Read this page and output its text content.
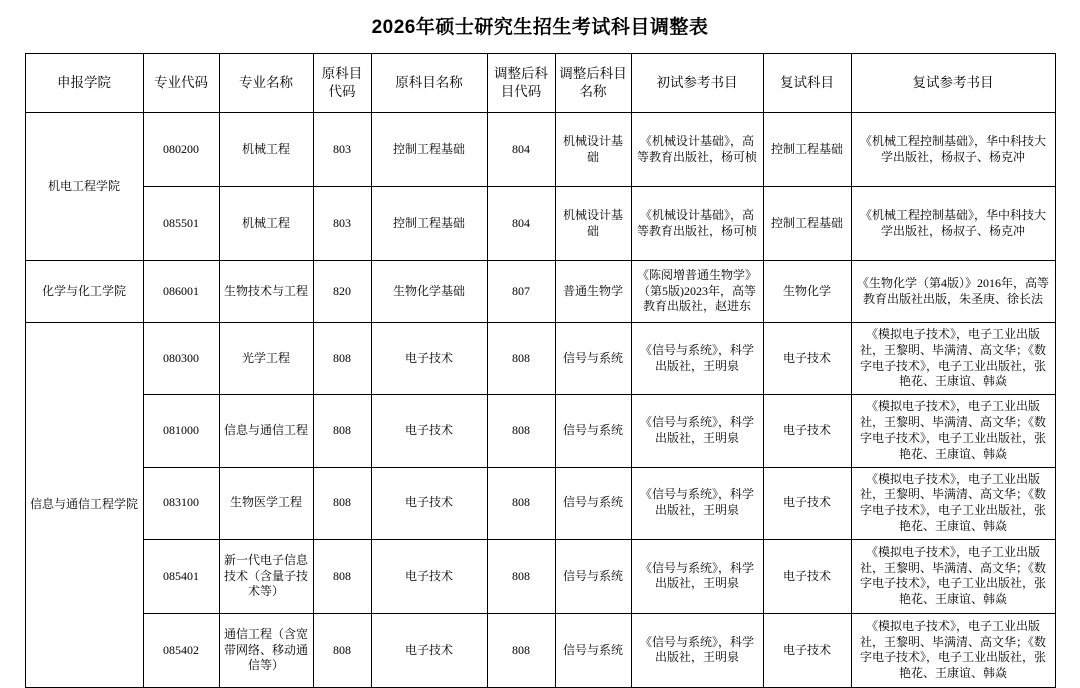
2026年硕士研究生招生考试科目调整表
申报学院	专业代码	专业名称	原科目代码	原科目名称	调整后科目代码	调整后科目名称	初试参考书目	复试科目	复试参考书目
机电工程学院	080200	机械工程	803	控制工程基础	804	机械设计基础	《机械设计基础》，高等教育出版社，杨可桢	控制工程基础	《机械工程控制基础》，华中科技大学出版社，杨叔子、杨克冲
	085501	机械工程	803	控制工程基础	804	机械设计基础	《机械设计基础》，高等教育出版社，杨可桢	控制工程基础	《机械工程控制基础》，华中科技大学出版社，杨叔子、杨克冲
化学与化工学院	086001	生物技术与工程	820	生物化学基础	807	普通生物学	《陈阅增普通生物学》（第5版)2023年，高等教育出版社，赵进东	生物化学	《生物化学（第4版）》2016年，高等教育出版社出版，朱圣庚、徐长法
信息与通信工程学院	080300	光学工程	808	电子技术	808	信号与系统	《信号与系统》，科学出版社，王明泉	电子技术	《模拟电子技术》，电子工业出版社，王黎明、毕满清、高文华；《数字电子技术》，电子工业出版社，张艳花、王康谊、韩焱
	081000	信息与通信工程	808	电子技术	808	信号与系统	《信号与系统》，科学出版社，王明泉	电子技术	《模拟电子技术》，电子工业出版社，王黎明、毕满清、高文华；《数字电子技术》，电子工业出版社，张艳花、王康谊、韩焱
	083100	生物医学工程	808	电子技术	808	信号与系统	《信号与系统》，科学出版社，王明泉	电子技术	《模拟电子技术》，电子工业出版社，王黎明、毕满清、高文华；《数字电子技术》，电子工业出版社，张艳花、王康谊、韩焱
	085401	新一代电子信息技术（含量子技术等）	808	电子技术	808	信号与系统	《信号与系统》，科学出版社，王明泉	电子技术	《模拟电子技术》，电子工业出版社，王黎明、毕满清、高文华；《数字电子技术》，电子工业出版社，张艳花、王康谊、韩焱
	085402	通信工程（含宽带网络、移动通信等）	808	电子技术	808	信号与系统	《信号与系统》，科学出版社，王明泉	电子技术	《模拟电子技术》，电子工业出版社，王黎明、毕满清、高文华；《数字电子技术》，电子工业出版社，张艳花、王康谊、韩焱
